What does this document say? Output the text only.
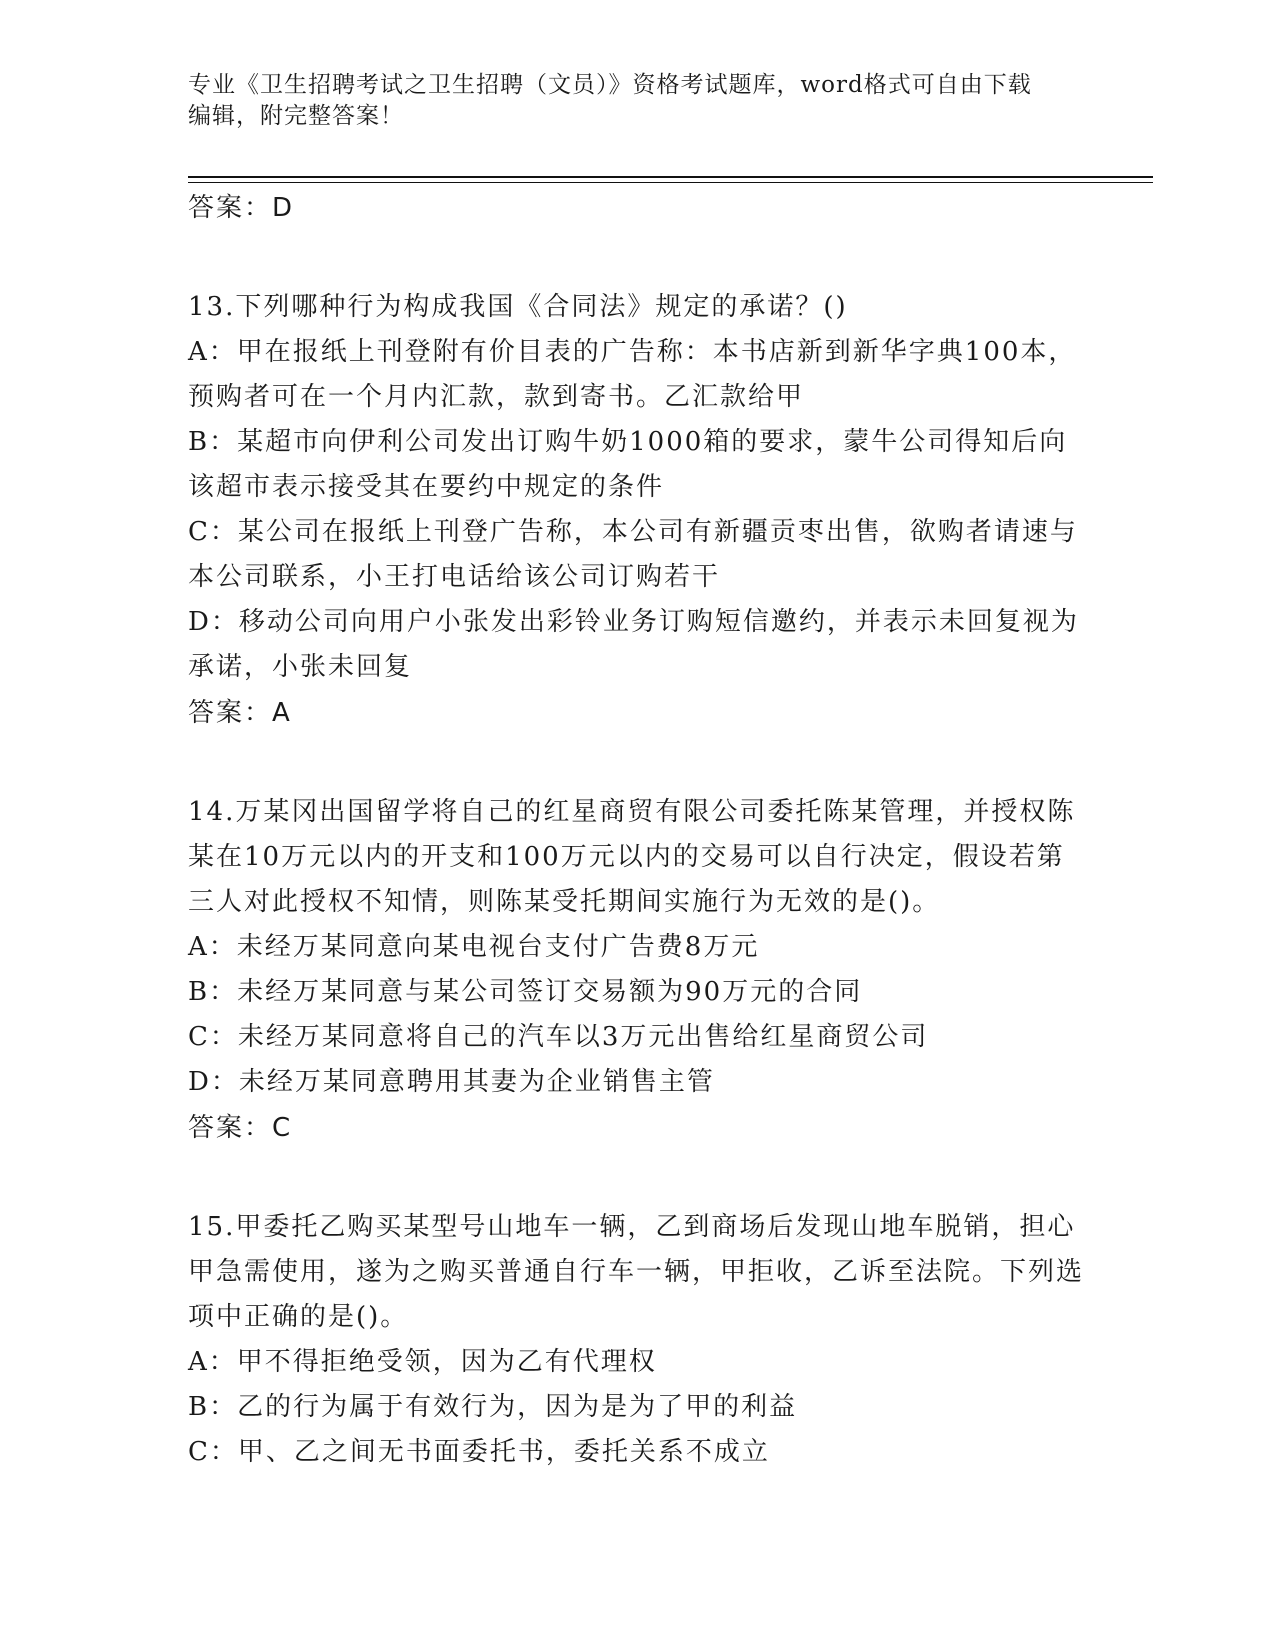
专业《卫生招聘考试之卫生招聘（文员）》资格考试题库，word格式可自由下载
编辑，附完整答案！

答案：D

13.下列哪种行为构成我国《合同法》规定的承诺？()

A：甲在报纸上刊登附有价目表的广告称：本书店新到新华字典100本，预购者可在一个月内汇款，款到寄书。乙汇款给甲

B：某超市向伊利公司发出订购牛奶1000箱的要求，蒙牛公司得知后向该超市表示接受其在要约中规定的条件

C：某公司在报纸上刊登广告称，本公司有新疆贡枣出售，欲购者请速与本公司联系，小王打电话给该公司订购若干

D：移动公司向用户小张发出彩铃业务订购短信邀约，并表示未回复视为承诺，小张未回复

答案：A

14.万某冈出国留学将自己的红星商贸有限公司委托陈某管理，并授权陈某在10万元以内的开支和100万元以内的交易可以自行决定，假设若第三人对此授权不知情，则陈某受托期间实施行为无效的是()。

A：未经万某同意向某电视台支付广告费8万元

B：未经万某同意与某公司签订交易额为90万元的合同

C：未经万某同意将自己的汽车以3万元出售给红星商贸公司

D：未经万某同意聘用其妻为企业销售主管

答案：C

15.甲委托乙购买某型号山地车一辆，乙到商场后发现山地车脱销，担心甲急需使用，遂为之购买普通自行车一辆，甲拒收，乙诉至法院。下列选项中正确的是()。

A：甲不得拒绝受领，因为乙有代理权

B：乙的行为属于有效行为，因为是为了甲的利益

C：甲、乙之间无书面委托书，委托关系不成立
